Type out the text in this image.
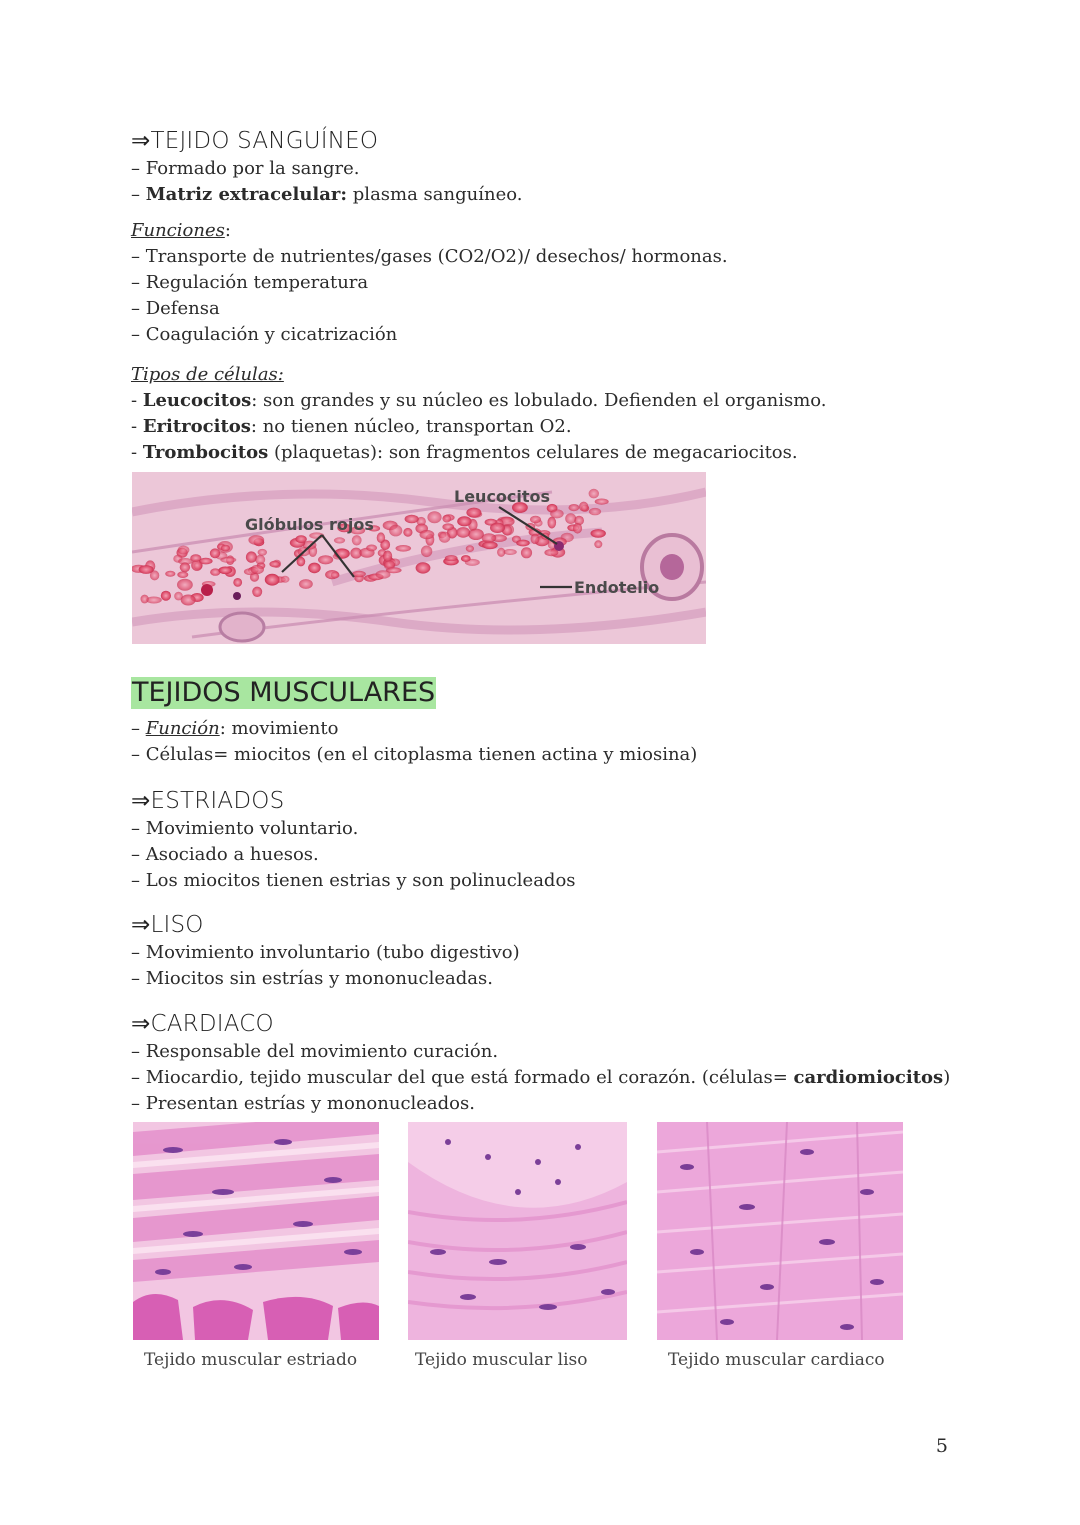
⇒TEJIDO SANGUÍNEO
– Formado por la sangre.
– Matriz extracelular: plasma sanguíneo.
Funciones:
– Transporte de nutrientes/gases (CO2/O2)/ desechos/ hormonas.
– Regulación temperatura
– Defensa
– Coagulación y cicatrización
Tipos de células:
- Leucocitos: son grandes y su núcleo es lobulado. Defienden el organismo.
- Eritrocitos: no tienen núcleo, transportan O2.
- Trombocitos (plaquetas): son fragmentos celulares de megacariocitos.
Leucocitos
Glóbulos rojos
Endotelio
TEJIDOS MUSCULARES
– Función: movimiento
– Células= miocitos (en el citoplasma tienen actina y miosina)
⇒ESTRIADOS
– Movimiento voluntario.
– Asociado a huesos.
– Los miocitos tienen estrias y son polinucleados
⇒LISO
– Movimiento involuntario (tubo digestivo)
– Miocitos sin estrías y mononucleadas.
⇒CARDIACO
– Responsable del movimiento curación.
– Miocardio, tejido muscular del que está formado el corazón. (células= cardiomiocitos)
– Presentan estrías y mononucleados.
Tejido muscular estriado	Tejido muscular liso	Tejido muscular cardiaco
5
